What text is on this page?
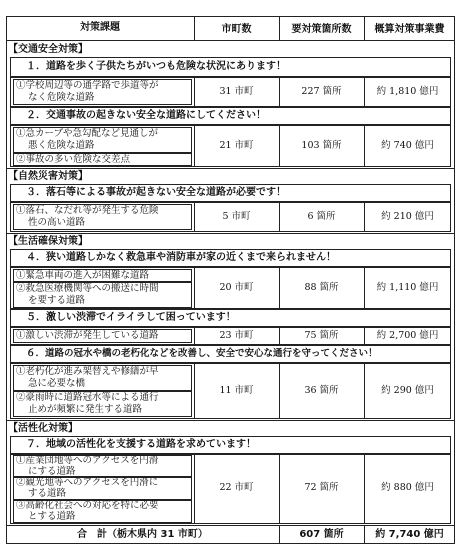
対策課題	市町数	要対策箇所数	概算対策事業費
【交通安全対策】
１．道路を歩く子供たちがいつも危険な状況にあります！
①学校周辺等の通学路で歩道等が
なく危険な道路
31 市町	227 箇所	約 1,810 億円
２．交通事故の起きない安全な道路にしてください！
①急カーブや急勾配など見通しが
悪く危険な道路
②事故の多い危険な交差点
21 市町	103 箇所	約 740 億円
【自然災害対策】
３．落石等による事故が起きない安全な道路が必要です！
①落石、なだれ等が発生する危険
性の高い道路
5 市町	6 箇所	約 210 億円
【生活確保対策】
４．狭い道路しかなく救急車や消防車が家の近くまで来られません！
①緊急車両の進入が困難な道路
②救急医療機関等への搬送に時間
を要する道路
20 市町	88 箇所	約 1,110 億円
５．激しい渋滞でイライラして困っています！
①激しい渋滞が発生している道路	23 市町	75 箇所	約 2,700 億円
６．道路の冠水や橋の老朽化などを改善し、安全で安心な通行を守ってください！
①老朽化が進み架替えや修繕が早
急に必要な橋
②豪雨時に道路冠水等による通行
止めが頻繁に発生する道路
11 市町	36 箇所	約 290 億円
【活性化対策】
７．地域の活性化を支援する道路を求めています！
①産業団地等へのアクセスを円滑
にする道路
②観光地等へのアクセスを円滑に
する道路
③高齢化社会への対応を特に必要
とする道路
22 市町	72 箇所	約 880 億円
合　計（栃木県内 31 市町）	607 箇所	約 7,740 億円
